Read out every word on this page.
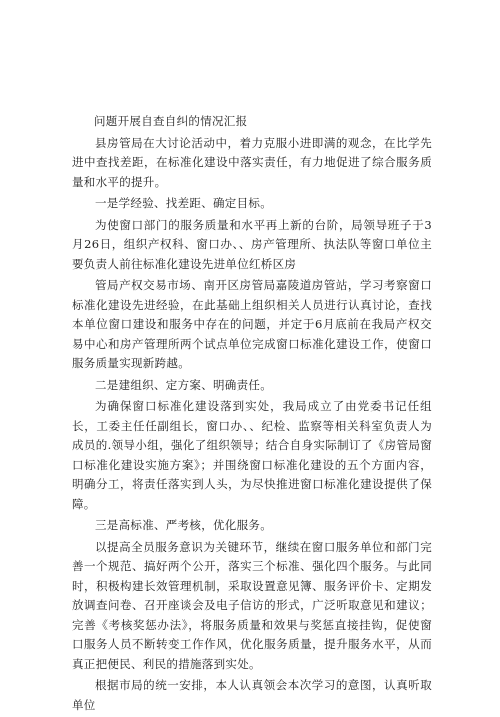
问题开展自查自纠的情况汇报

县房管局在大讨论活动中，着力克服小进即满的观念，在比学先进中查找差距，在标准化建设中落实责任，有力地促进了综合服务质量和水平的提升。

一是学经验、找差距、确定目标。

为使窗口部门的服务质量和水平再上新的台阶，局领导班子于3月26日，组织产权科、窗口办、、房产管理所、执法队等窗口单位主要负责人前往标准化建设先进单位红桥区房

管局产权交易市场、南开区房管局嘉陵道房管站，学习考察窗口标准化建设先进经验，在此基础上组织相关人员进行认真讨论，查找本单位窗口建设和服务中存在的问题，并定于6月底前在我局产权交易中心和房产管理所两个试点单位完成窗口标准化建设工作，使窗口服务质量实现新跨越。

二是建组织、定方案、明确责任。

为确保窗口标准化建设落到实处，我局成立了由党委书记任组长，工委主任任副组长，窗口办、、纪检、监察等相关科室负责人为成员的.领导小组，强化了组织领导；结合自身实际制订了《房管局窗口标准化建设实施方案》；并围绕窗口标准化建设的五个方面内容，明确分工，将责任落实到人头，为尽快推进窗口标准化建设提供了保障。

三是高标准、严考核，优化服务。

以提高全员服务意识为关键环节，继续在窗口服务单位和部门完善一个规范、搞好两个公开，落实三个标准、强化四个服务。与此同时，积极构建长效管理机制，采取设置意见簿、服务评价卡、定期发放调查问卷、召开座谈会及电子信访的形式，广泛听取意见和建议；完善《考核奖惩办法》，将服务质量和效果与奖惩直接挂钩，促使窗口服务人员不断转变工作作风，优化服务质量，提升服务水平，从而真正把便民、利民的措施落到实处。

根据市局的统一安排，本人认真领会本次学习的意图，认真听取单位
